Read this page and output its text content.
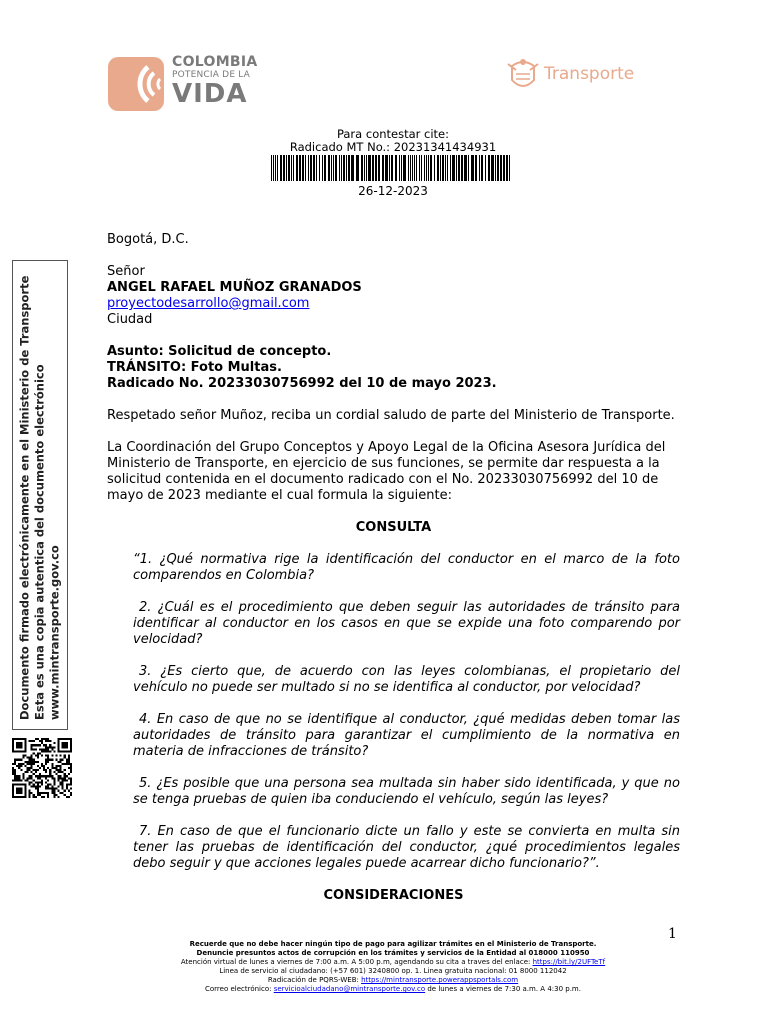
COLOMBIA
POTENCIA DE LA
VIDA
Transporte
Para contestar cite:
Radicado MT No.: 20231341434931
26-12-2023
Documento firmado electrónicamente en el Ministerio de Transporte Esta es una copia autentica del documento electrónico www.mintransporte.gov.co

Bogotá, D.C.

Señor

ANGEL RAFAEL MUÑOZ GRANADOS

proyectodesarrollo@gmail.com

Ciudad

Asunto: Solicitud de concepto.

TRÁNSITO: Foto Multas.

Radicado No. 20233030756992 del 10 de mayo 2023.

Respetado señor Muñoz, reciba un cordial saludo de parte del Ministerio de Transporte.

La Coordinación del Grupo Conceptos y Apoyo Legal de la Oficina Asesora Jurídica del Ministerio de Transporte, en ejercicio de sus funciones, se permite dar respuesta a la solicitud contenida en el documento radicado con el No. 20233030756992 del 10 de mayo de 2023 mediante el cual formula la siguiente:

CONSULTA

“1. ¿Qué normativa rige la identificación del conductor en el marco de la foto comparendos en Colombia?

2. ¿Cuál es el procedimiento que deben seguir las autoridades de tránsito para identificar al conductor en los casos en que se expide una foto comparendo por velocidad?

3. ¿Es cierto que, de acuerdo con las leyes colombianas, el propietario del vehículo no puede ser multado si no se identifica al conductor, por velocidad?

4. En caso de que no se identifique al conductor, ¿qué medidas deben tomar las autoridades de tránsito para garantizar el cumplimiento de la normativa en materia de infracciones de tránsito?

5. ¿Es posible que una persona sea multada sin haber sido identificada, y que no se tenga pruebas de quien iba conduciendo el vehículo, según las leyes?

7. En caso de que el funcionario dicte un fallo y este se convierta en multa sin tener las pruebas de identificación del conductor, ¿qué procedimientos legales debo seguir y que acciones legales puede acarrear dicho funcionario?”.

CONSIDERACIONES

1
Recuerde que no debe hacer ningún tipo de pago para agilizar trámites en el Ministerio de Transporte.
Denuncie presuntos actos de corrupción en los trámites y servicios de la Entidad al 018000 110950
Atención virtual de lunes a viernes de 7:00 a.m. A 5:00 p.m, agendando su cita a traves del enlace: https://bit.ly/2UFTeTf
Linea de servicio al ciudadano: (+57 601) 3240800 op. 1. Linea gratuita nacional: 01 8000 112042
Radicación de PQRS-WEB: https://mintransporte.powerappsportals.com
Correo electrónico: servicioalciudadano@mintransporte.gov.co de lunes a viernes de 7:30 a.m. A 4:30 p.m.
